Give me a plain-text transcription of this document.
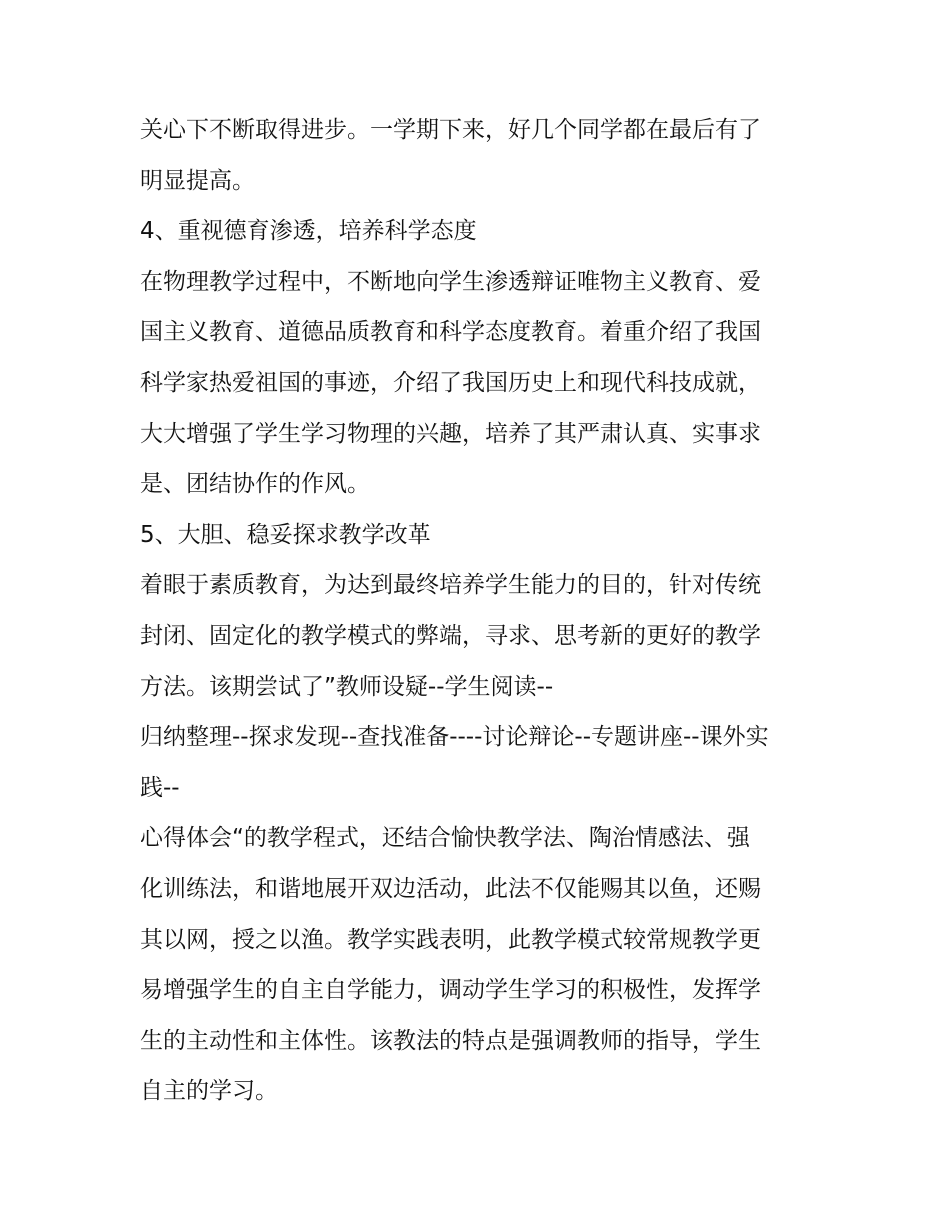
关心下不断取得进步。一学期下来，好几个同学都在最后有了
明显提高。
4、重视德育渗透，培养科学态度
在物理教学过程中，不断地向学生渗透辩证唯物主义教育、爱
国主义教育、道德品质教育和科学态度教育。着重介绍了我国
科学家热爱祖国的事迹，介绍了我国历史上和现代科技成就，
大大增强了学生学习物理的兴趣，培养了其严肃认真、实事求
是、团结协作的作风。
5、大胆、稳妥探求教学改革
着眼于素质教育，为达到最终培养学生能力的目的，针对传统
封闭、固定化的教学模式的弊端，寻求、思考新的更好的教学
方法。该期尝试了”教师设疑--学生阅读--
归纳整理--探求发现--查找准备----讨论辩论--专题讲座--课外实
践--
心得体会“的教学程式，还结合愉快教学法、陶治情感法、强
化训练法，和谐地展开双边活动，此法不仅能赐其以鱼，还赐
其以网，授之以渔。教学实践表明，此教学模式较常规教学更
易增强学生的自主自学能力，调动学生学习的积极性，发挥学
生的主动性和主体性。该教法的特点是强调教师的指导，学生
自主的学习。
